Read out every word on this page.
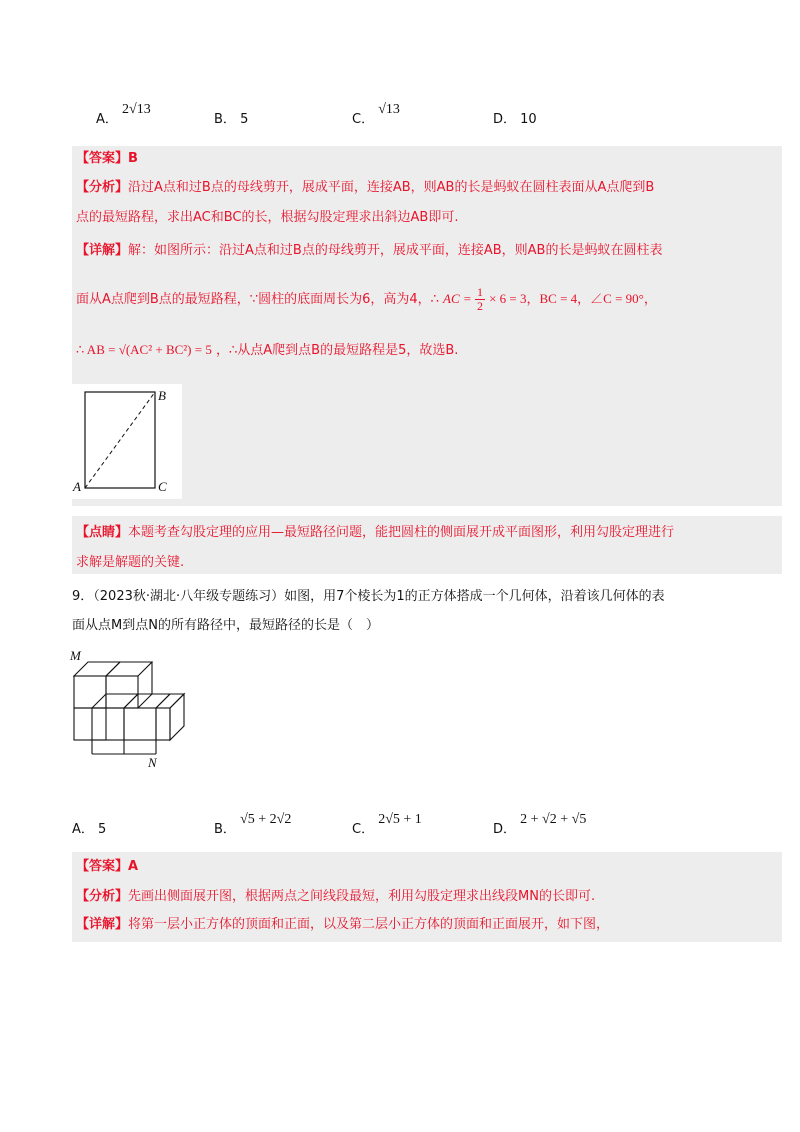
A． 2√13
B． 5	C． √13
D． 10
【答案】B
【分析】沿过A点和过B点的母线剪开，展成平面，连接AB，则AB的长是蚂蚁在圆柱表面从A点爬到B
点的最短路程，求出AC和BC的长，根据勾股定理求出斜边AB即可.
【详解】解：如图所示：沿过A点和过B点的母线剪开，展成平面，连接AB，则AB的长是蚂蚁在圆柱表
面从A点爬到B点的最短路程，∵圆柱的底面周长为6，高为4，∴ AC = $\frac{1}{2} \times 6 = 3$，BC = 4，∠C = 90°，
∴ AB = √(AC² + BC²) = 5 ，∴从点A爬到点B的最短路程是5，故选B.
【点睛】本题考查勾股定理的应用—最短路径问题，能把圆柱的侧面展开成平面图形，利用勾股定理进行
求解是解题的关键.
A
B
C
9．（2023秋·湖北·八年级专题练习）如图，用7个棱长为1的正方体搭成一个几何体，沿着该几何体的表
面从点M到点N的所有路径中，最短路径的长是（　）
M
N
A． 5	B． √5 + 2√2
C． 2√5 + 1
D． 2 + √2 + √5
【答案】A
【分析】先画出侧面展开图，根据两点之间线段最短，利用勾股定理求出线段MN的长即可.
【详解】将第一层小正方体的顶面和正面，以及第二层小正方体的顶面和正面展开，如下图，
